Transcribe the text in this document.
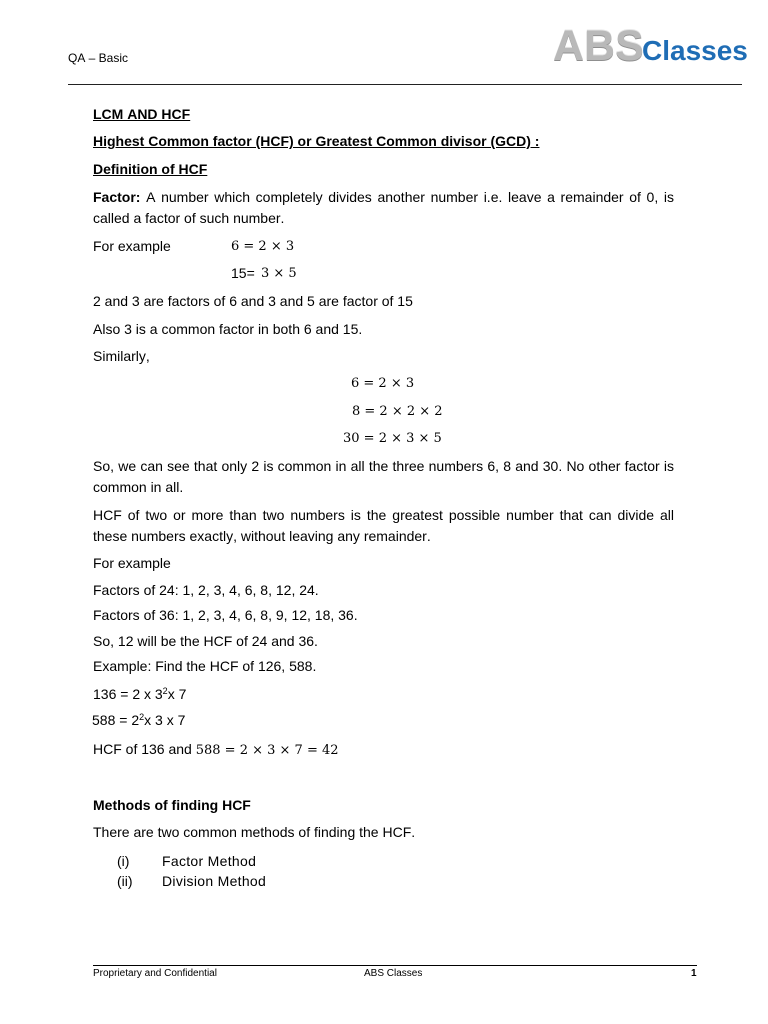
QA – Basic	ABS
Classes
LCM AND HCF
Highest Common factor (HCF) or Greatest Common divisor (GCD) :
Definition of HCF
Factor: A number which completely divides another number i.e. leave a remainder of 0, is called a factor of such number.
For example	6 = 2 × 3
15= 3 × 5
2 and 3 are factors of 6 and 3 and 5 are factor of 15
Also 3 is a common factor in both 6 and 15.
Similarly,
6 = 2 × 3
8 = 2 × 2 × 2
30 = 2 × 3 × 5
So, we can see that only 2 is common in all the three numbers 6, 8 and 30. No other factor is common in all.
HCF of two or more than two numbers is the greatest possible number that can divide all these numbers exactly, without leaving any remainder.
For example
Factors of 24: 1, 2, 3, 4, 6, 8, 12, 24.
Factors of 36: 1, 2, 3, 4, 6, 8, 9, 12, 18, 36.
So, 12 will be the HCF of 24 and 36.
Example: Find the HCF of 126, 588.
136 = 2 x $3^2x$ 7
$588 = 2^2x$ 3 x 7
HCF of 136 and 588 = 2 × 3 × 7 = 42
Methods of finding HCF
There are two common methods of finding the HCF.
(i) Factor Method
(ii) Division Method
Proprietary and Confidential	ABS Classes	1
